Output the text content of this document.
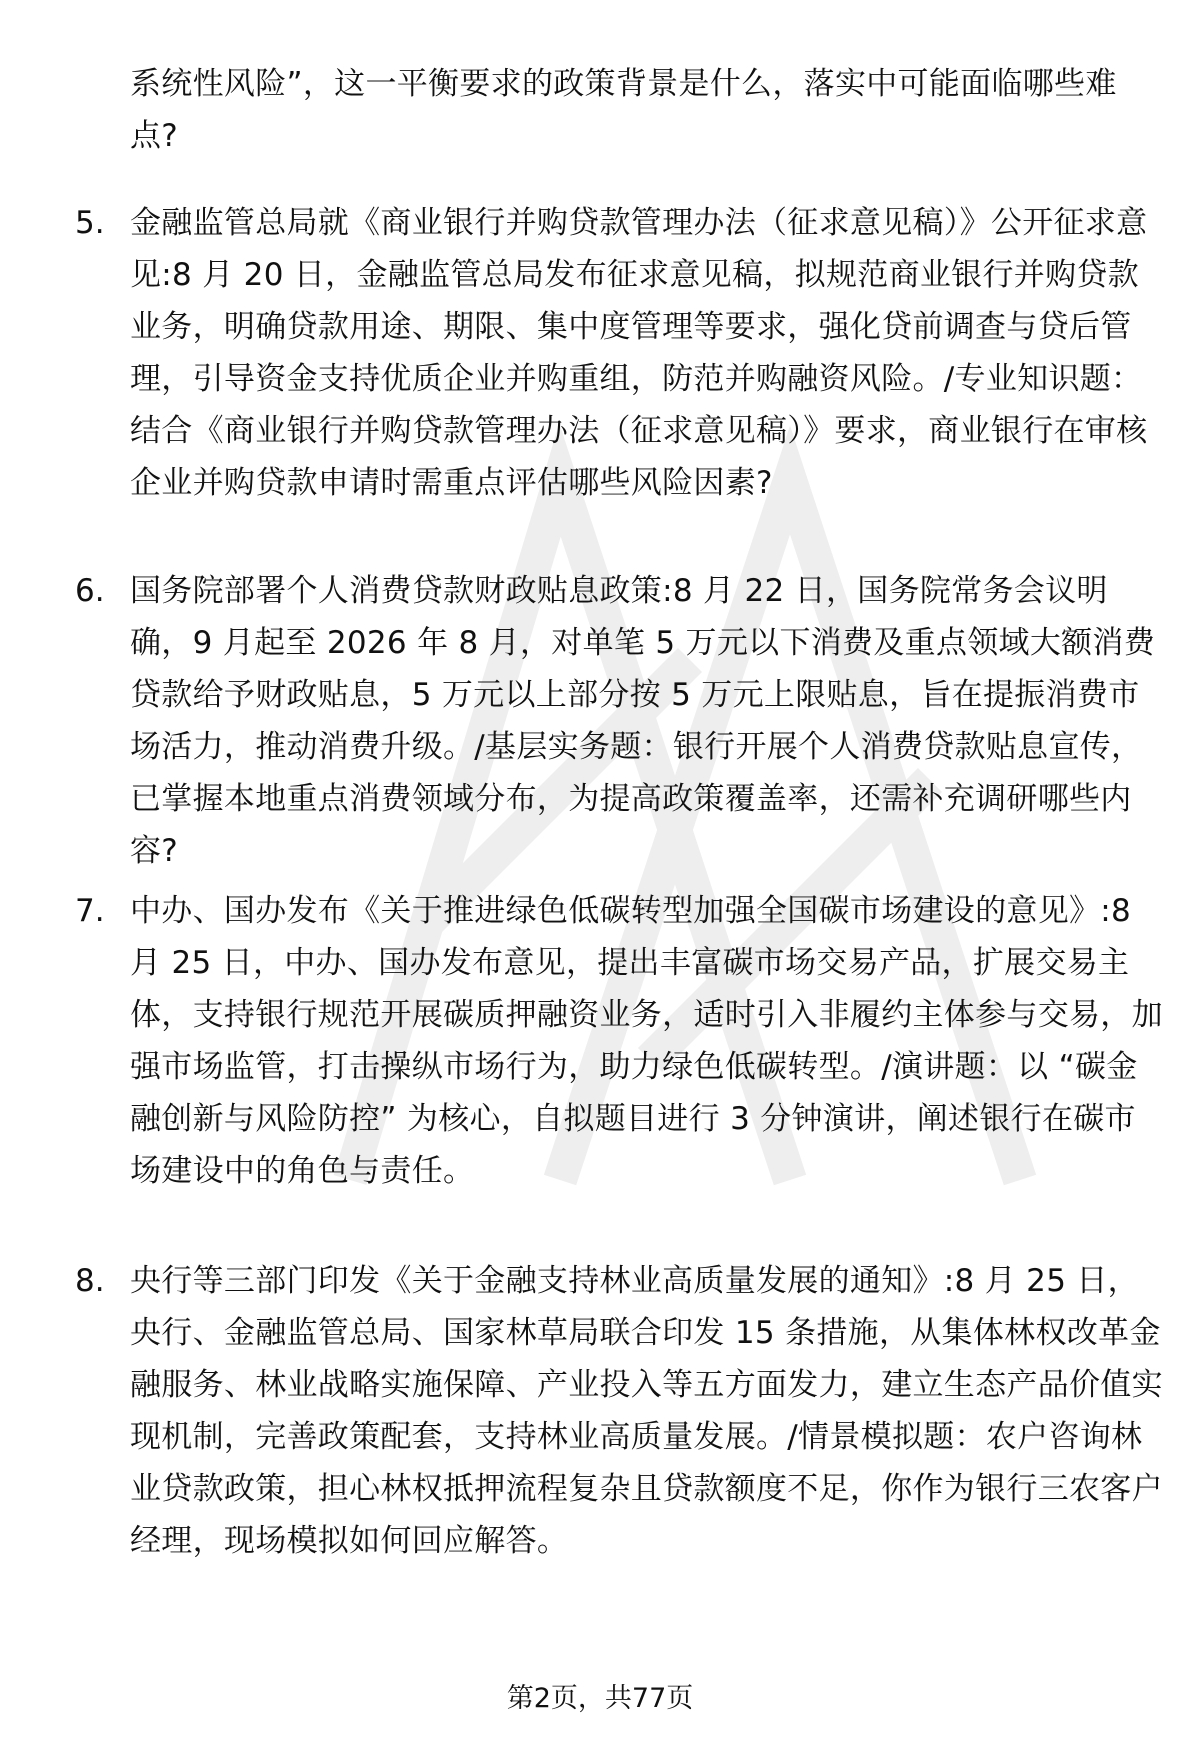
系统性风险”，这一平衡要求的政策背景是什么，落实中可能面临哪些难点?
5. 金融监管总局就《商业银行并购贷款管理办法（征求意见稿）》公开征求意见:8 月 20 日，金融监管总局发布征求意见稿，拟规范商业银行并购贷款业务，明确贷款用途、期限、集中度管理等要求，强化贷前调查与贷后管理，引导资金支持优质企业并购重组，防范并购融资风险。/专业知识题：结合《商业银行并购贷款管理办法（征求意见稿）》要求，商业银行在审核企业并购贷款申请时需重点评估哪些风险因素?
6. 国务院部署个人消费贷款财政贴息政策:8 月 22 日，国务院常务会议明确，9 月起至 2026 年 8 月，对单笔 5 万元以下消费及重点领域大额消费贷款给予财政贴息，5 万元以上部分按 5 万元上限贴息，旨在提振消费市场活力，推动消费升级。/基层实务题：银行开展个人消费贷款贴息宣传，已掌握本地重点消费领域分布，为提高政策覆盖率，还需补充调研哪些内容?
7. 中办、国办发布《关于推进绿色低碳转型加强全国碳市场建设的意见》:8 月 25 日，中办、国办发布意见，提出丰富碳市场交易产品，扩展交易主体，支持银行规范开展碳质押融资业务，适时引入非履约主体参与交易，加强市场监管，打击操纵市场行为，助力绿色低碳转型。/演讲题：以 “碳金融创新与风险防控” 为核心，自拟题目进行 3 分钟演讲，阐述银行在碳市场建设中的角色与责任。
8. 央行等三部门印发《关于金融支持林业高质量发展的通知》:8 月 25 日，央行、金融监管总局、国家林草局联合印发 15 条措施，从集体林权改革金融服务、林业战略实施保障、产业投入等五方面发力，建立生态产品价值实现机制，完善政策配套，支持林业高质量发展。/情景模拟题：农户咨询林业贷款政策，担心林权抵押流程复杂且贷款额度不足，你作为银行三农客户经理，现场模拟如何回应解答。
第2页，共77页
